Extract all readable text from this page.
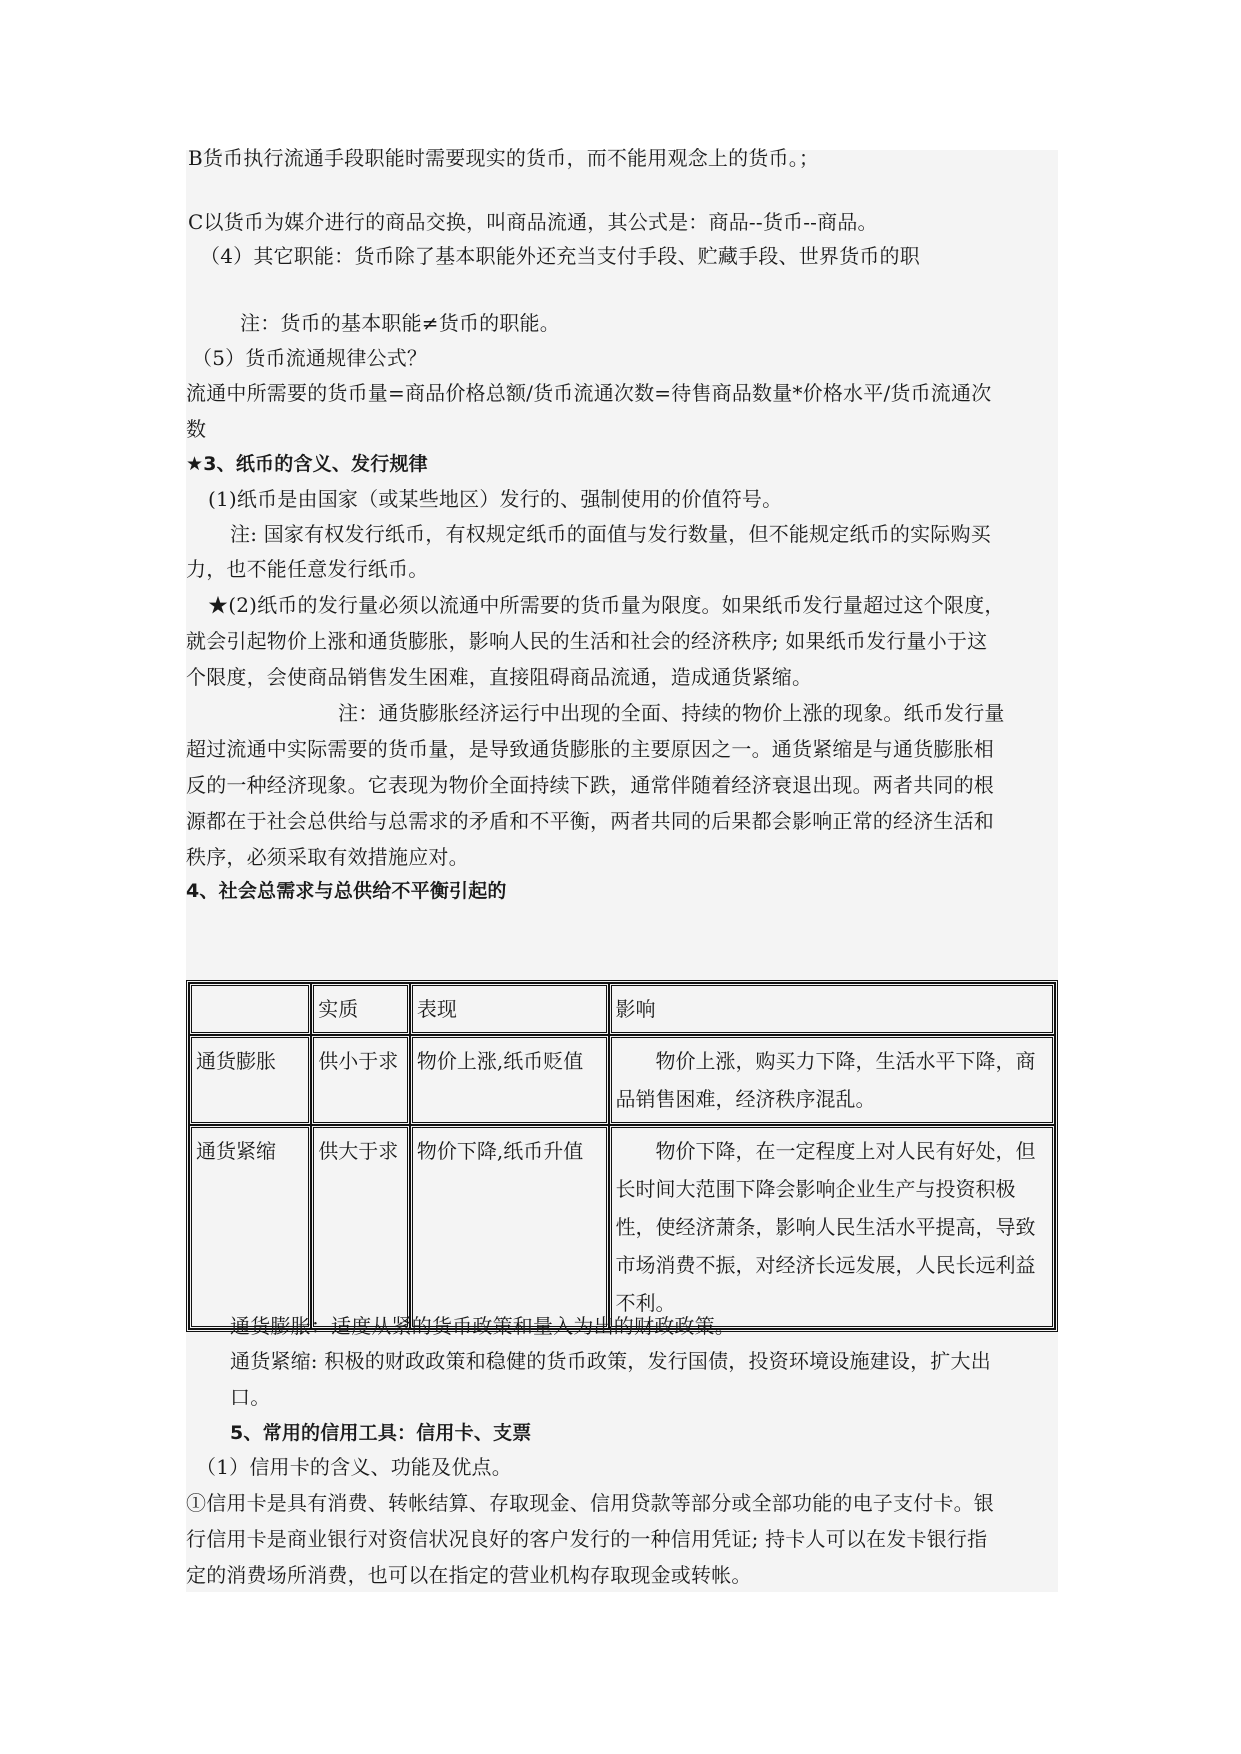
B货币执行流通手段职能时需要现实的货币，而不能用观念上的货币。；
C以货币为媒介进行的商品交换，叫商品流通，其公式是：商品--货币--商品。
（4）其它职能：货币除了基本职能外还充当支付手段、贮藏手段、世界货币的职
注：货币的基本职能≠货币的职能。
（5）货币流通规律公式？
流通中所需要的货币量=商品价格总额/货币流通次数=待售商品数量*价格水平/货币流通次
数
★3、纸币的含义、发行规律
(1)纸币是由国家（或某些地区）发行的、强制使用的价值符号。
注: 国家有权发行纸币，有权规定纸币的面值与发行数量，但不能规定纸币的实际购买
力，也不能任意发行纸币。
★(2)纸币的发行量必须以流通中所需要的货币量为限度。如果纸币发行量超过这个限度，
就会引起物价上涨和通货膨胀，影响人民的生活和社会的经济秩序; 如果纸币发行量小于这
个限度，会使商品销售发生困难，直接阻碍商品流通，造成通货紧缩。
注：通货膨胀经济运行中出现的全面、持续的物价上涨的现象。纸币发行量
超过流通中实际需要的货币量，是导致通货膨胀的主要原因之一。通货紧缩是与通货膨胀相
反的一种经济现象。它表现为物价全面持续下跌，通常伴随着经济衰退出现。两者共同的根
源都在于社会总供给与总需求的矛盾和不平衡，两者共同的后果都会影响正常的经济生活和
秩序，必须采取有效措施应对。
4、社会总需求与总供给不平衡引起的
	实质	表现	影响
通货膨胀	供小于求	物价上涨,纸币贬值	物价上涨，购买力下降，生活水平下降，商品销售困难，经济秩序混乱。

通货紧缩	供大于求	物价下降,纸币升值	物价下降，在一定程度上对人民有好处，但长时间大范围下降会影响企业生产与投资积极性，使经济萧条，影响人民生活水平提高，导致市场消费不振，对经济长远发展，人民长远利益不利。
通货膨胀：适度从紧的货币政策和量入为出的财政政策。
通货紧缩: 积极的财政政策和稳健的货币政策，发行国债，投资环境设施建设，扩大出
口。
5、常用的信用工具：信用卡、支票
（1）信用卡的含义、功能及优点。
①信用卡是具有消费、转帐结算、存取现金、信用贷款等部分或全部功能的电子支付卡。银
行信用卡是商业银行对资信状况良好的客户发行的一种信用凭证; 持卡人可以在发卡银行指
定的消费场所消费，也可以在指定的营业机构存取现金或转帐。
